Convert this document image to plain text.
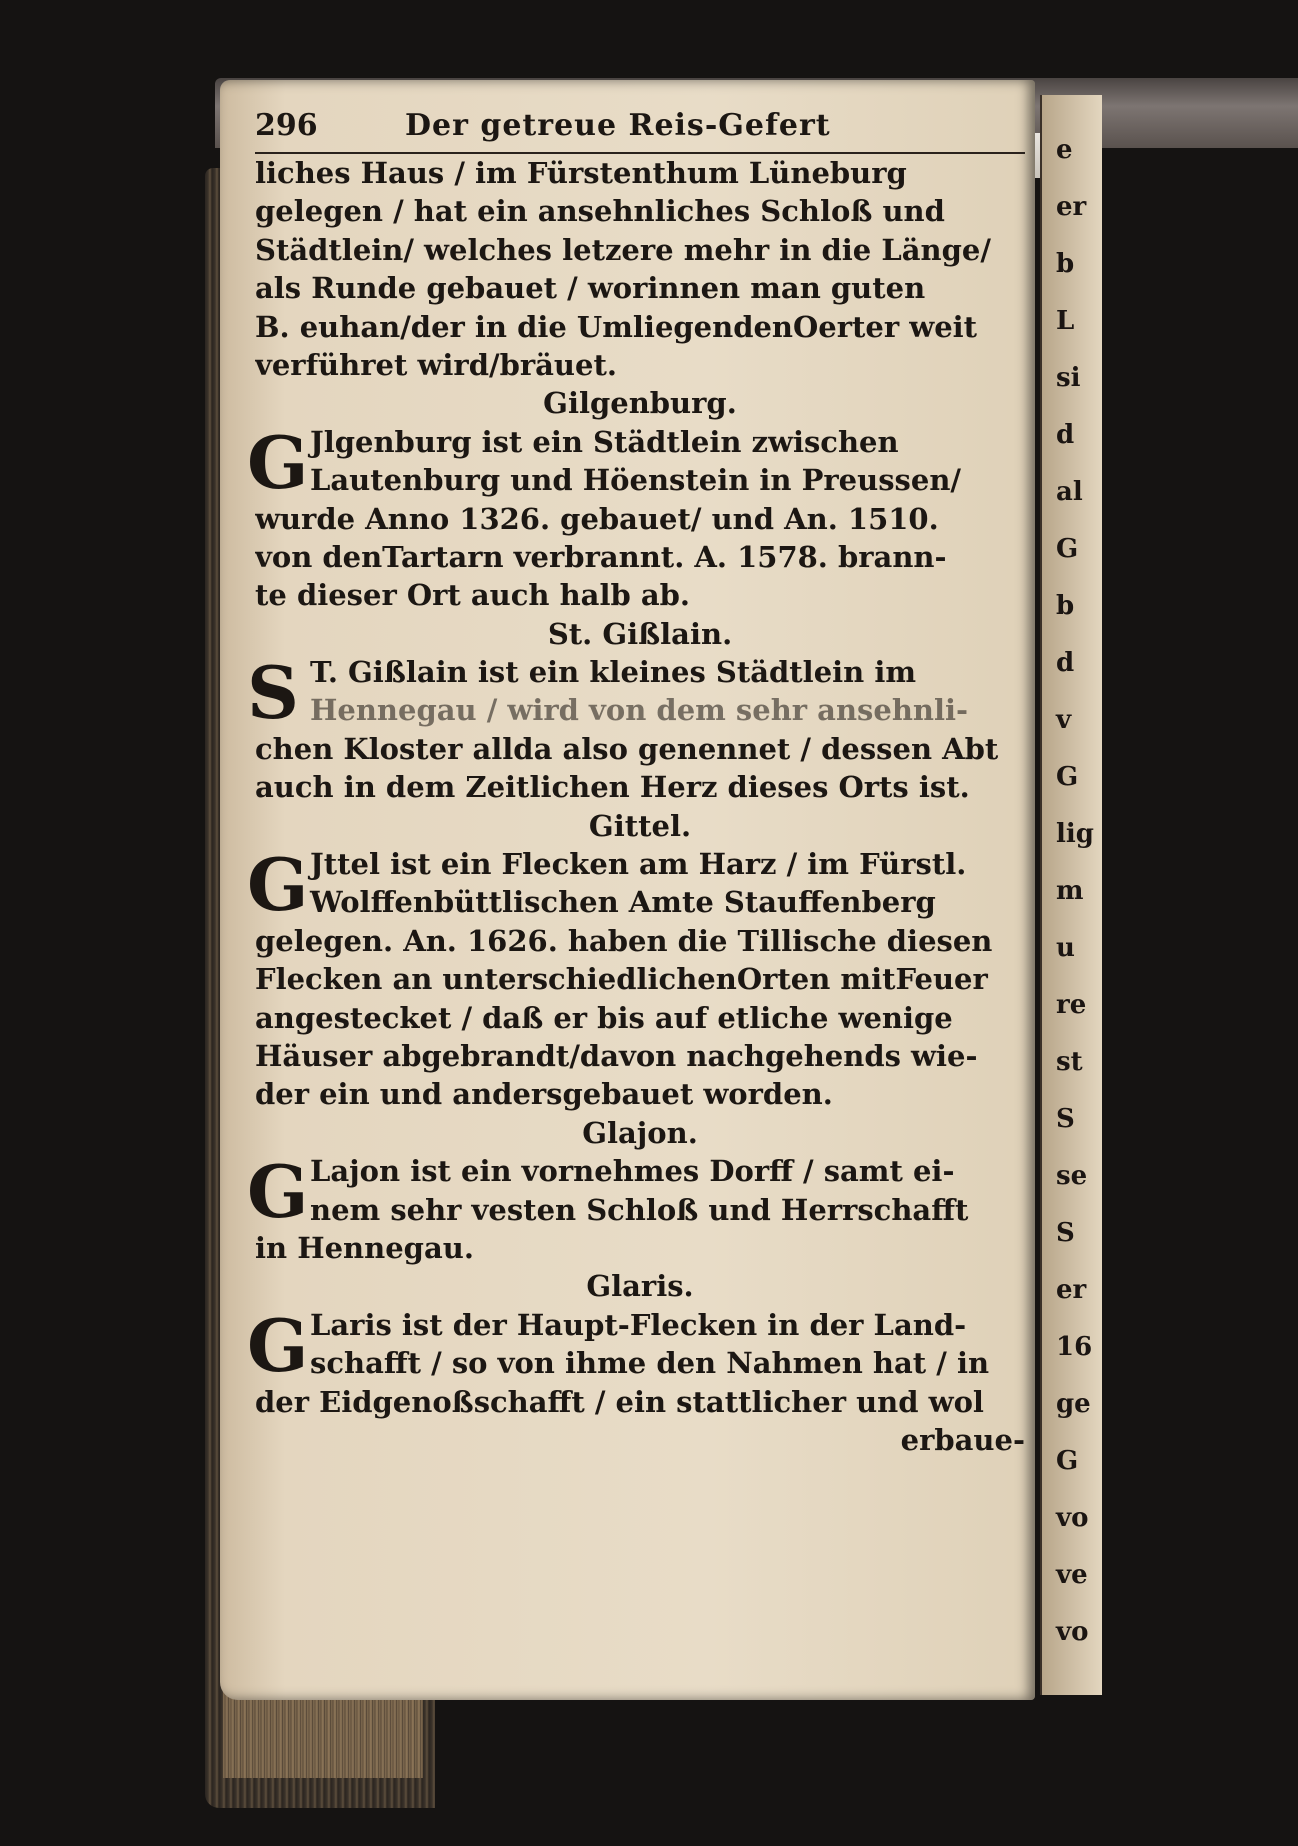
e
er
b
L
si
d
al
G
b
d
v
G
lig
m
u
re
st
S
se
S
er
16
ge
G
vo
ve
vo
296	Der getreue Reis-Gefert
liches Haus / im Fürstenthum Lüneburg
gelegen / hat ein ansehnliches Schloß und
Städtlein/ welches letzere mehr in die Länge/
als Runde gebauet / worinnen man guten
B. euhan/der in die UmliegendenOerter weit
verführet wird/bräuet.
Gilgenburg.
G Jlgenburg ist ein Städtlein zwischen
Lautenburg und Höenstein in Preussen/
wurde Anno 1326. gebauet/ und An. 1510.
von denTartarn verbrannt. A. 1578. brann-
te dieser Ort auch halb ab.
St. Gißlain.
S T. Gißlain ist ein kleines Städtlein im
Hennegau / wird von dem sehr ansehnli-
chen Kloster allda also genennet / dessen Abt
auch in dem Zeitlichen Herz dieses Orts ist.
Gittel.
G Jttel ist ein Flecken am Harz / im Fürstl.
Wolffenbüttlischen Amte Stauffenberg
gelegen. An. 1626. haben die Tillische diesen
Flecken an unterschiedlichenOrten mitFeuer
angestecket / daß er bis auf etliche wenige
Häuser abgebrandt/davon nachgehends wie-
der ein und andersgebauet worden.
Glajon.
G Lajon ist ein vornehmes Dorff / samt ei-
nem sehr vesten Schloß und Herrschafft
in Hennegau.
Glaris.
G Laris ist der Haupt-Flecken in der Land-
schafft / so von ihme den Nahmen hat / in
der Eidgenoßschafft / ein stattlicher und wol
erbaue-
